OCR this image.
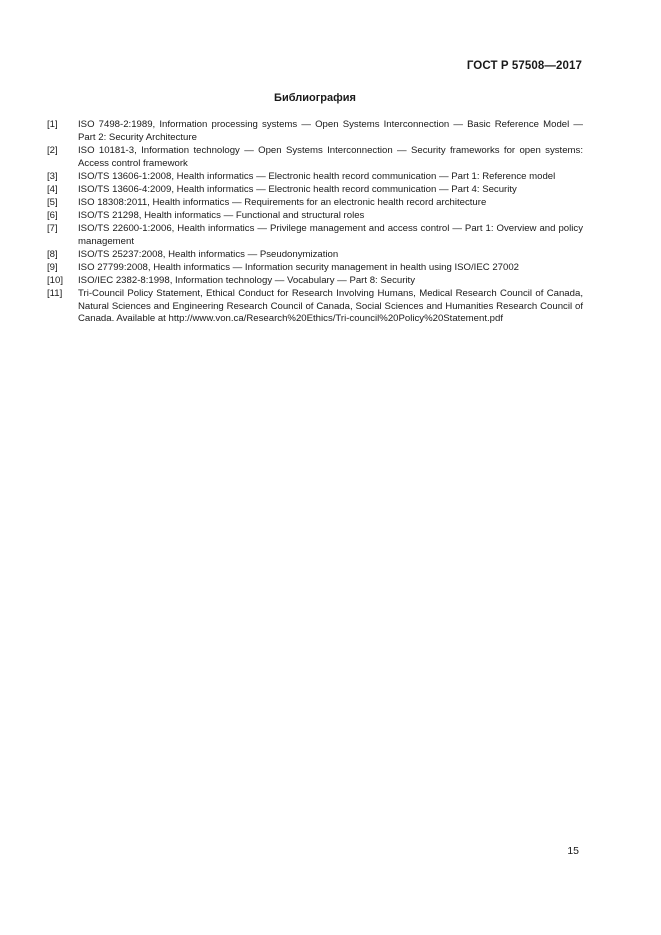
ГОСТ Р 57508—2017
Библиография
[1]	ISO 7498-2:1989, Information processing systems — Open Systems Interconnection — Basic Reference Model — Part 2: Security Architecture
[2]	ISO 10181-3, Information technology — Open Systems Interconnection — Security frameworks for open systems: Access control framework
[3]	ISO/TS 13606-1:2008, Health informatics — Electronic health record communication — Part 1: Reference model
[4]	ISO/TS 13606-4:2009, Health informatics — Electronic health record communication — Part 4: Security
[5]	ISO 18308:2011, Health informatics — Requirements for an electronic health record architecture
[6]	ISO/TS 21298, Health informatics — Functional and structural roles
[7]	ISO/TS 22600-1:2006, Health informatics — Privilege management and access control — Part 1: Overview and policy management
[8]	ISO/TS 25237:2008, Health informatics — Pseudonymization
[9]	ISO 27799:2008, Health informatics — Information security management in health using ISO/IEC 27002
[10]	ISO/IEC 2382-8:1998, Information technology — Vocabulary — Part 8: Security
[11]	Tri-Council Policy Statement, Ethical Conduct for Research Involving Humans, Medical Research Council of Canada, Natural Sciences and Engineering Research Council of Canada, Social Sciences and Humanities Research Council of Canada. Available at http://www.von.ca/Research%20Ethics/Tri-council%20Policy%20Statement.pdf
15
